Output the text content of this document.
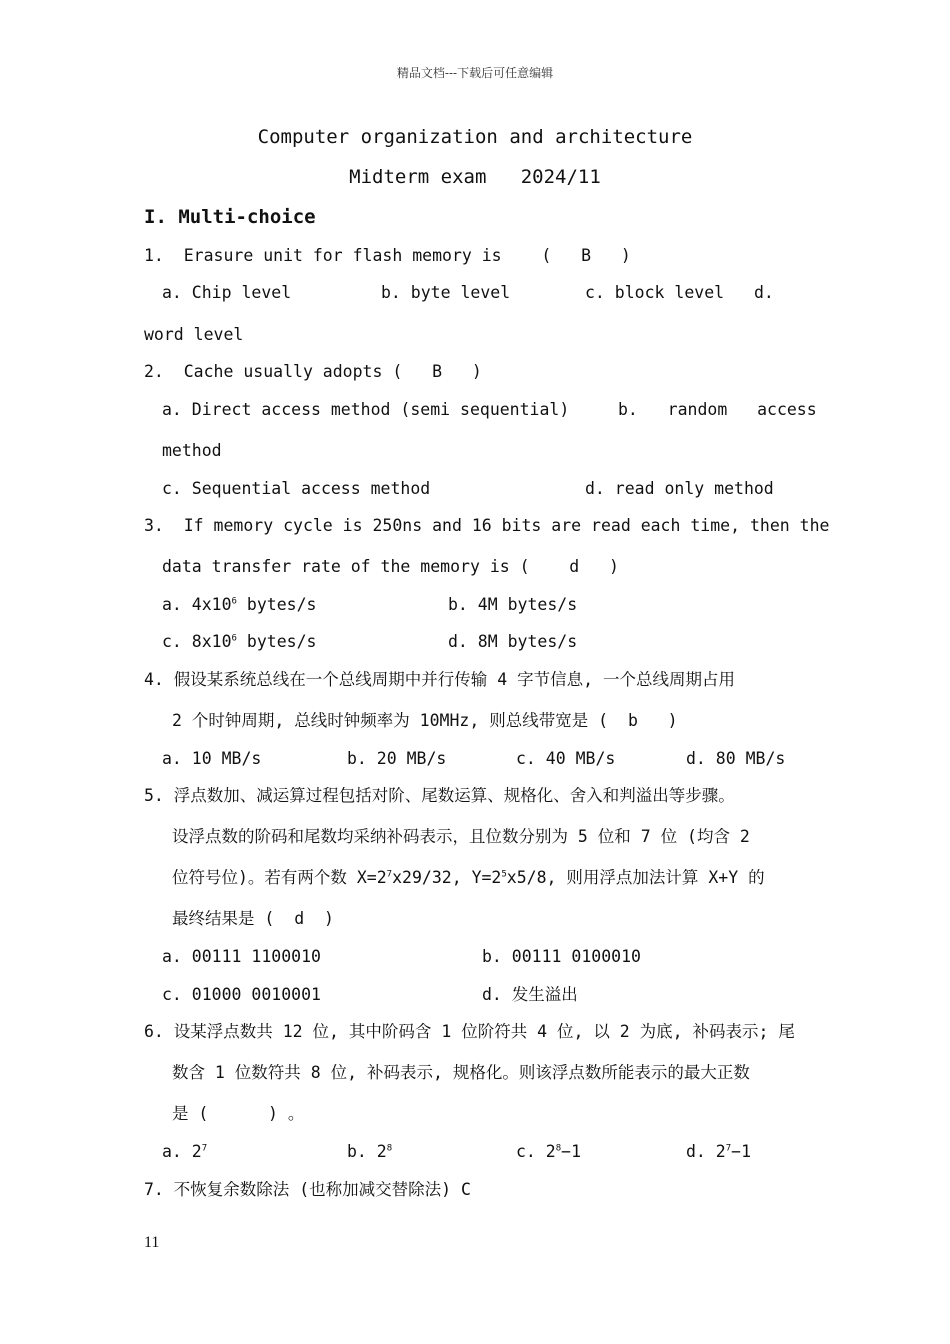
精品文档---下载后可任意编辑
Computer organization and architecture
Midterm exam   2024/11
I. Multi-choice
1.  Erasure unit for flash memory is    (   B   )
a. Chip level	b. byte level	c. block level d.
word level
2.  Cache usually adopts (   B   )
a. Direct access method (semi sequential)	b.   random   access
method
c. Sequential access method	d. read only method
3.  If memory cycle is 250ns and 16 bits are read each time, then the
data transfer rate of the memory is (    d   )
a. $4x10^6$ bytes/s	b. 4M bytes/s
c. $8x10^6$ bytes/s	d. 8M bytes/s
4. 假设某系统总线在一个总线周期中并行传输 4 字节信息, 一个总线周期占用
2 个时钟周期, 总线时钟频率为 10MHz, 则总线带宽是 (  b   )
a. 10 MB/s	b. 20 MB/s	c. 40 MB/s	d. 80 MB/s
5. 浮点数加、减运算过程包括对阶、尾数运算、规格化、舍入和判溢出等步骤。
设浮点数的阶码和尾数均采纳补码表示，且位数分别为 5 位和 7 位 (均含 2
位符号位)。若有两个数 $X=2^7x29/32$, $Y=2^5x5/8$, 则用浮点加法计算 X+Y 的
最终结果是 (  d  )
a. 00111 1100010	b. 00111 0100010
c. 01000 0010001	d. 发生溢出
6. 设某浮点数共 12 位, 其中阶码含 1 位阶符共 4 位, 以 2 为底, 补码表示; 尾
数含 1 位数符共 8 位, 补码表示, 规格化。则该浮点数所能表示的最大正数
是 (      ) 。
a. $2^7$	b. $2^8$	c. $2^8-1$	d. $2^7-1$
7. 不恢复余数除法 (也称加减交替除法) C
11
